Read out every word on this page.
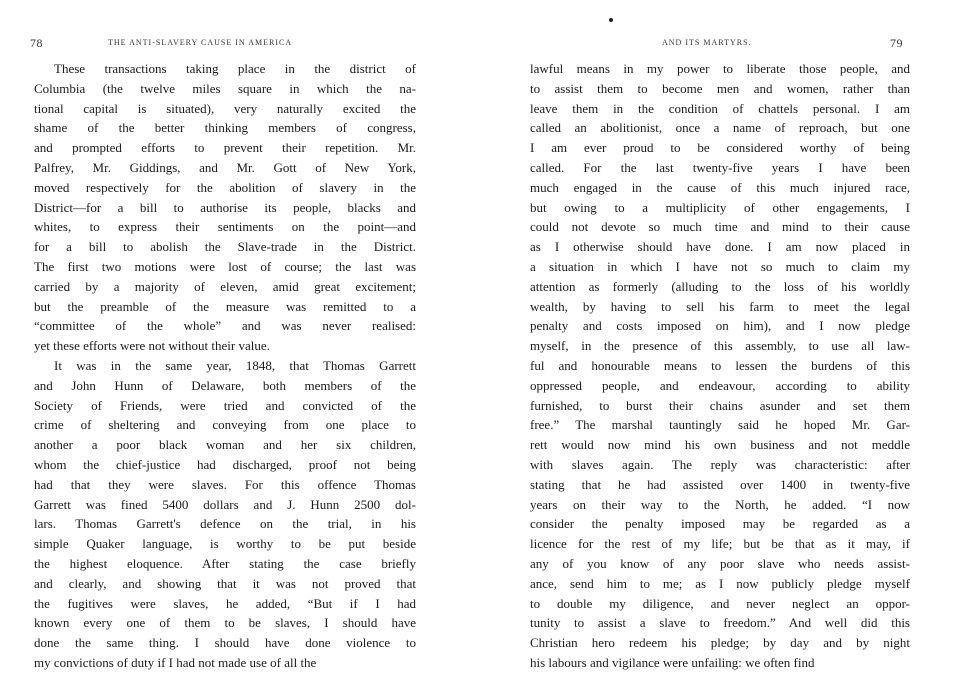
78	THE ANTI-SLAVERY CAUSE IN AMERICA
These transactions taking place in the district of
Columbia (the twelve miles square in which the na-
tional capital is situated), very naturally excited the
shame of the better thinking members of congress,
and prompted efforts to prevent their repetition. Mr.
Palfrey, Mr. Giddings, and Mr. Gott of New York,
moved respectively for the abolition of slavery in the
District—for a bill to authorise its people, blacks and
whites, to express their sentiments on the point—and
for a bill to abolish the Slave-trade in the District.
The first two motions were lost of course; the last was
carried by a majority of eleven, amid great excitement;
but the preamble of the measure was remitted to a
“committee of the whole” and was never realised:
yet these efforts were not without their value.
It was in the same year, 1848, that Thomas Garrett
and John Hunn of Delaware, both members of the
Society of Friends, were tried and convicted of the
crime of sheltering and conveying from one place to
another a poor black woman and her six children,
whom the chief-justice had discharged, proof not being
had that they were slaves. For this offence Thomas
Garrett was fined 5400 dollars and J. Hunn 2500 dol-
lars. Thomas Garrett's defence on the trial, in his
simple Quaker language, is worthy to be put beside
the highest eloquence. After stating the case briefly
and clearly, and showing that it was not proved that
the fugitives were slaves, he added, “But if I had
known every one of them to be slaves, I should have
done the same thing. I should have done violence to
my convictions of duty if I had not made use of all the
AND ITS MARTYRS.	79
lawful means in my power to liberate those people, and
to assist them to become men and women, rather than
leave them in the condition of chattels personal. I am
called an abolitionist, once a name of reproach, but one
I am ever proud to be considered worthy of being
called. For the last twenty-five years I have been
much engaged in the cause of this much injured race,
but owing to a multiplicity of other engagements, I
could not devote so much time and mind to their cause
as I otherwise should have done. I am now placed in
a situation in which I have not so much to claim my
attention as formerly (alluding to the loss of his worldly
wealth, by having to sell his farm to meet the legal
penalty and costs imposed on him), and I now pledge
myself, in the presence of this assembly, to use all law-
ful and honourable means to lessen the burdens of this
oppressed people, and endeavour, according to ability
furnished, to burst their chains asunder and set them
free.” The marshal tauntingly said he hoped Mr. Gar-
rett would now mind his own business and not meddle
with slaves again. The reply was characteristic: after
stating that he had assisted over 1400 in twenty-five
years on their way to the North, he added. “I now
consider the penalty imposed may be regarded as a
licence for the rest of my life; but be that as it may, if
any of you know of any poor slave who needs assist-
ance, send him to me; as I now publicly pledge myself
to double my diligence, and never neglect an oppor-
tunity to assist a slave to freedom.” And well did this
Christian hero redeem his pledge; by day and by night
his labours and vigilance were unfailing: we often find
